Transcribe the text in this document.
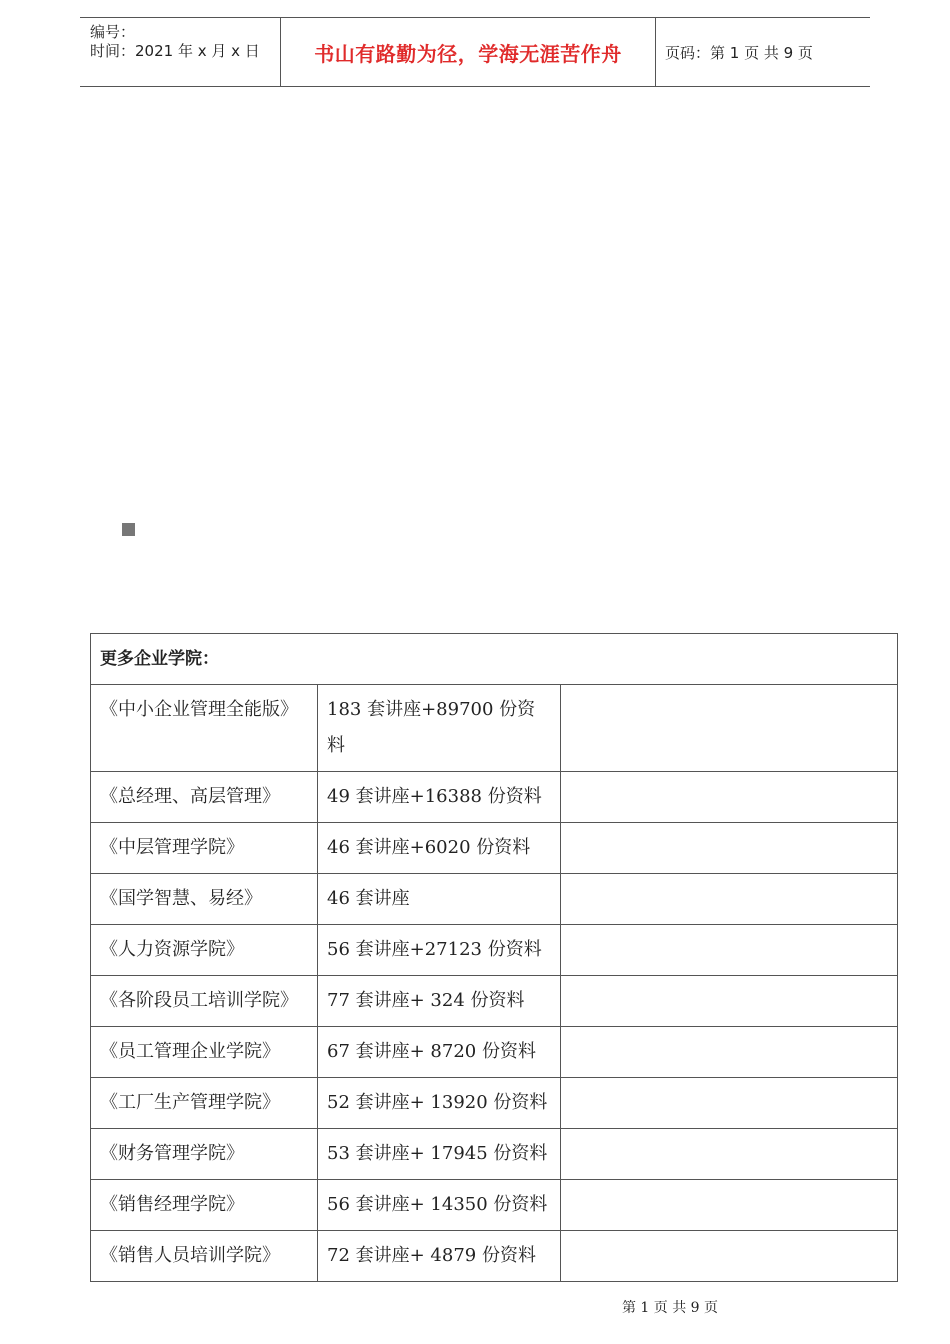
编号：
时间：2021 年 x 月 x 日	书山有路勤为径，学海无涯苦作舟	页码：第 1 页 共 9 页
更多企业学院：		
《中小企业管理全能版》	183 套讲座+89700 份资料	
《总经理、高层管理》	49 套讲座+16388 份资料	
《中层管理学院》	46 套讲座+6020 份资料	
《国学智慧、易经》	46 套讲座	
《人力资源学院》	56 套讲座+27123 份资料	
《各阶段员工培训学院》	77 套讲座+ 324 份资料	
《员工管理企业学院》	67 套讲座+ 8720 份资料	
《工厂生产管理学院》	52 套讲座+ 13920 份资料	
《财务管理学院》	53 套讲座+ 17945 份资料	
《销售经理学院》	56 套讲座+ 14350 份资料	
《销售人员培训学院》	72 套讲座+ 4879 份资料	
第 1 页 共 9 页
